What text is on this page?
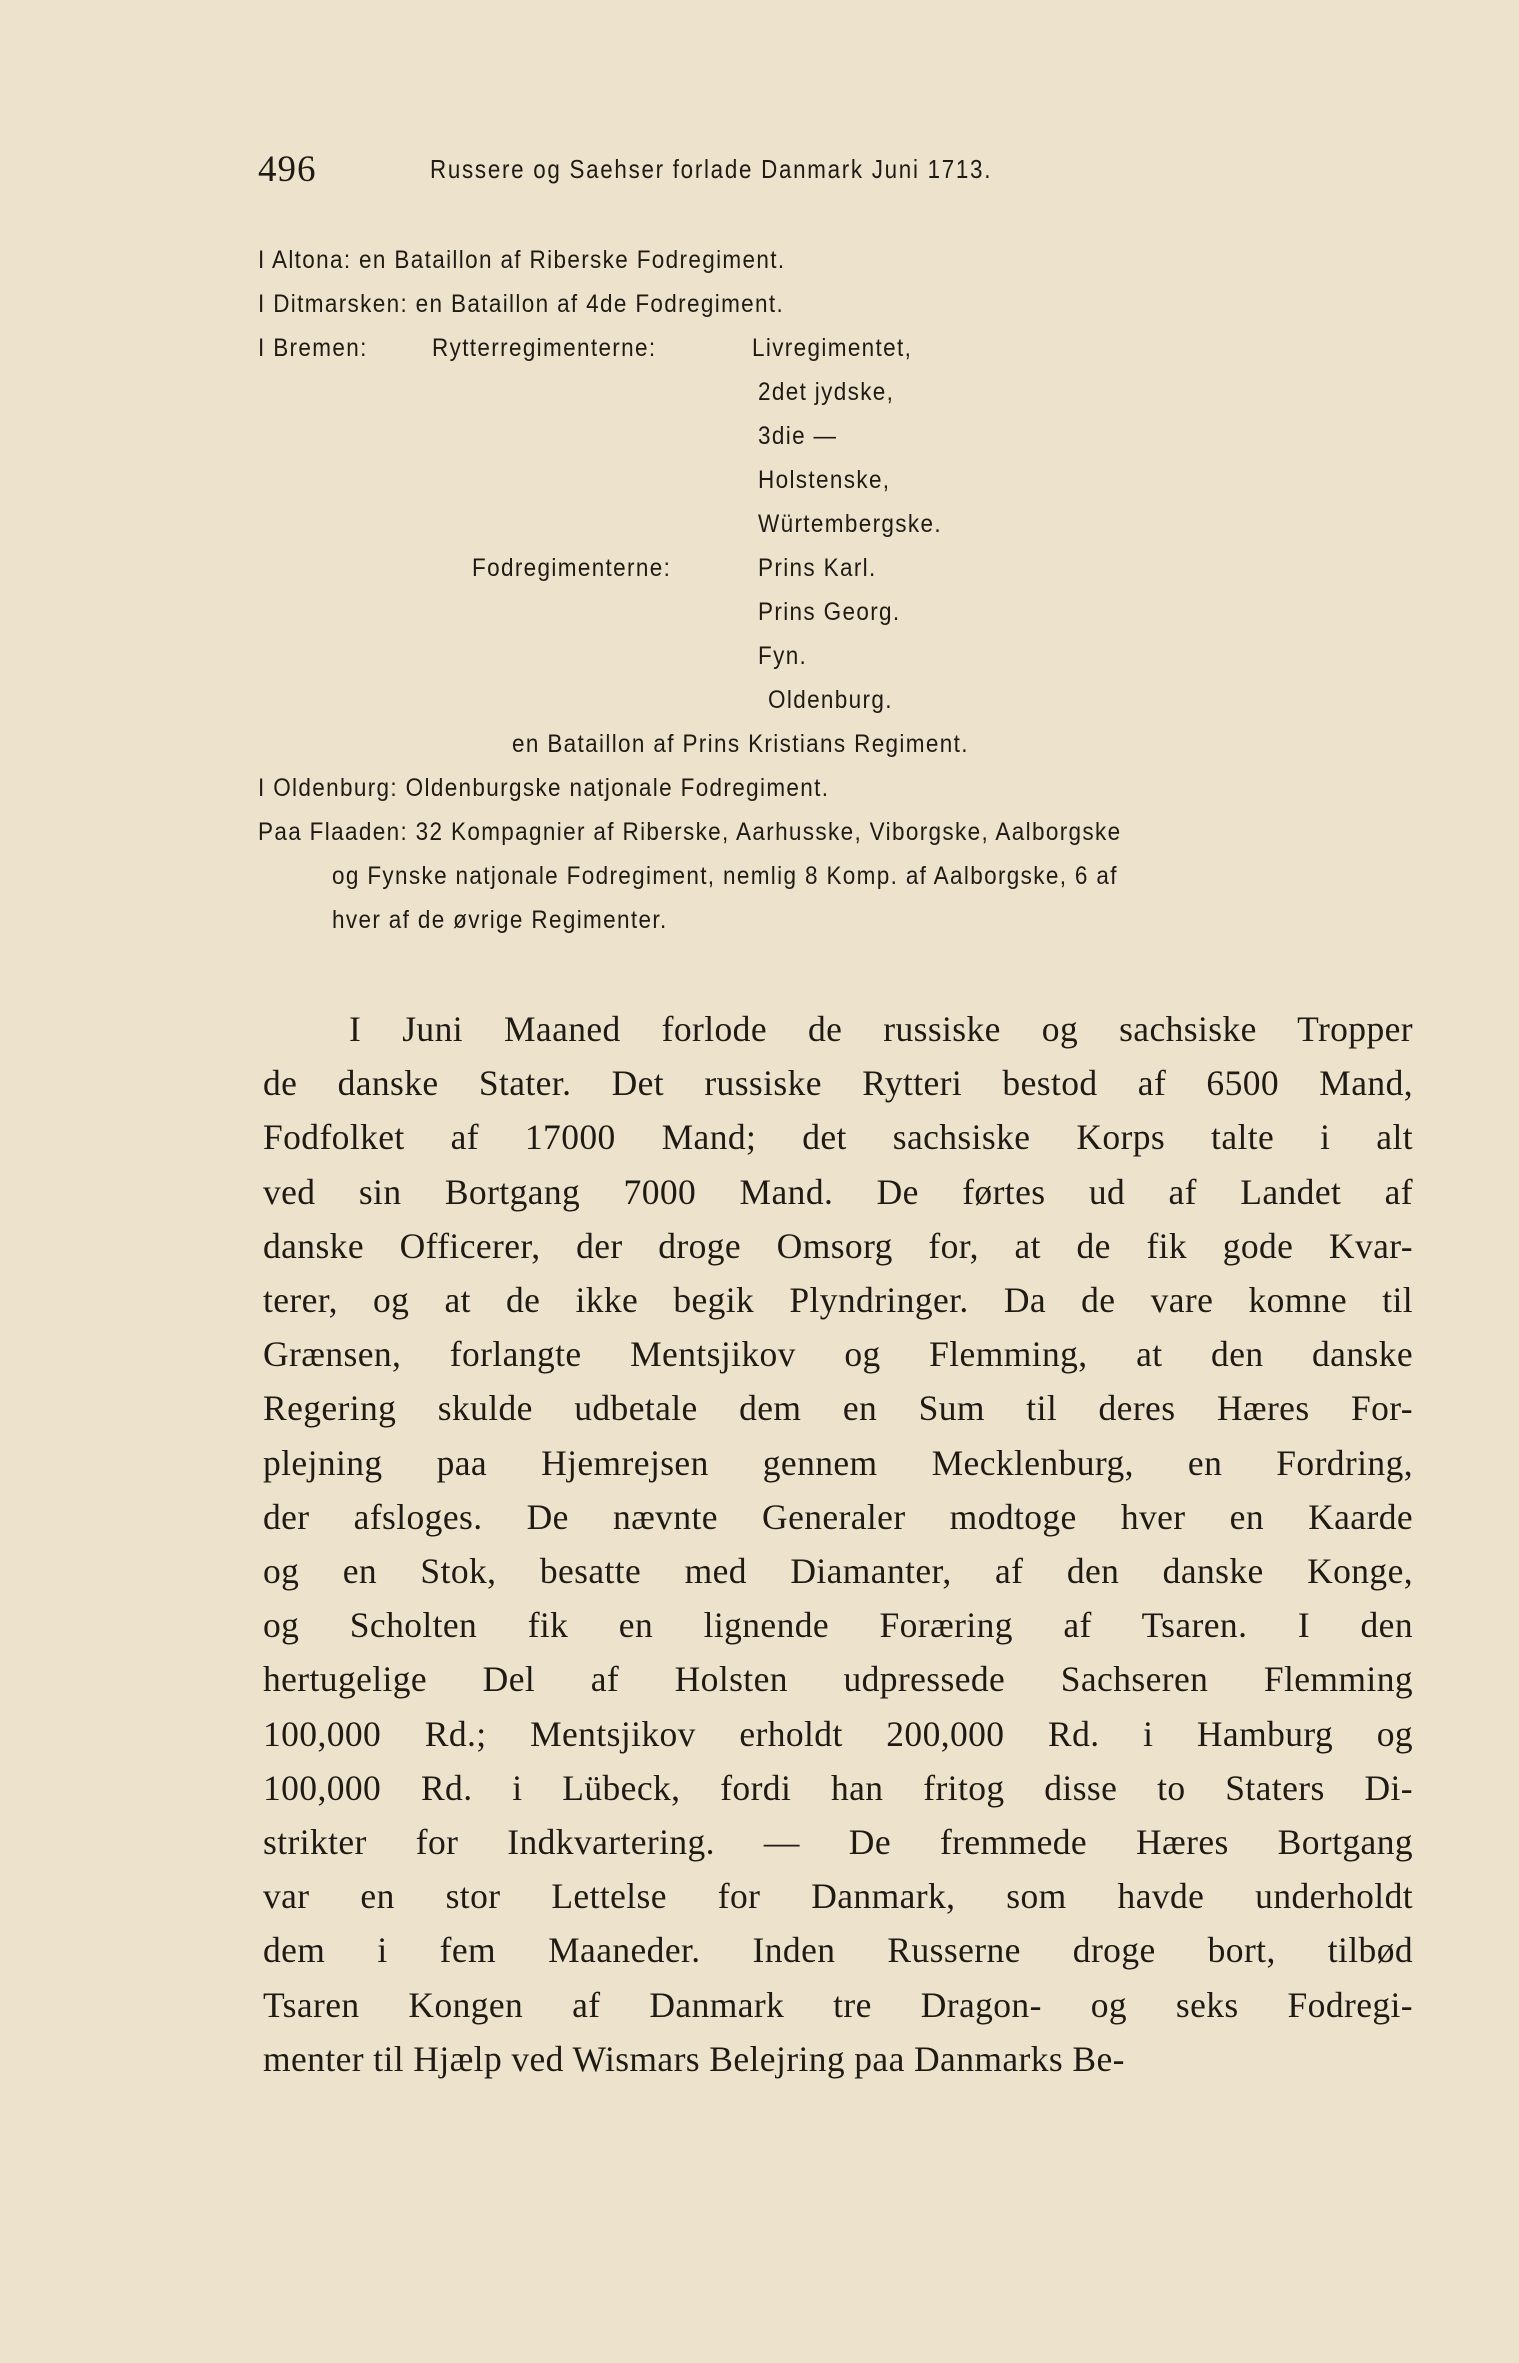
496	Russere og Saehser forlade Danmark Juni 1713.
I Altona: en Bataillon af Riberske Fodregiment.
I Ditmarsken: en Bataillon af 4de Fodregiment.
I Bremen:	Rytterregimenterne:	Livregimentet,
2det jydske,
3die —
Holstenske,
Würtembergske.
Fodregimenterne:	Prins Karl.
Prins Georg.
Fyn.
Oldenburg.
en Bataillon af Prins Kristians Regiment.
I Oldenburg: Oldenburgske natjonale Fodregiment.
Paa Flaaden: 32 Kompagnier af Riberske, Aarhusske, Viborgske, Aalborgske
og Fynske natjonale Fodregiment, nemlig 8 Komp. af Aalborgske, 6 af
hver af de øvrige Regimenter.
I Juni Maaned forlode de russiske og sachsiske Tropper
de danske Stater. Det russiske Rytteri bestod af 6500 Mand,
Fodfolket af 17000 Mand; det sachsiske Korps talte i alt
ved sin Bortgang 7000 Mand. De førtes ud af Landet af
danske Officerer, der droge Omsorg for, at de fik gode Kvar-
terer, og at de ikke begik Plyndringer. Da de vare komne til
Grænsen, forlangte Mentsjikov og Flemming, at den danske
Regering skulde udbetale dem en Sum til deres Hæres For-
plejning paa Hjemrejsen gennem Mecklenburg, en Fordring,
der afsloges. De nævnte Generaler modtoge hver en Kaarde
og en Stok, besatte med Diamanter, af den danske Konge,
og Scholten fik en lignende Foræring af Tsaren. I den
hertugelige Del af Holsten udpressede Sachseren Flemming
100,000 Rd.; Mentsjikov erholdt 200,000 Rd. i Hamburg og
100,000 Rd. i Lübeck, fordi han fritog disse to Staters Di-
strikter for Indkvartering. — De fremmede Hæres Bortgang
var en stor Lettelse for Danmark, som havde underholdt
dem i fem Maaneder. Inden Russerne droge bort, tilbød
Tsaren Kongen af Danmark tre Dragon- og seks Fodregi-
menter til Hjælp ved Wismars Belejring paa Danmarks Be-
